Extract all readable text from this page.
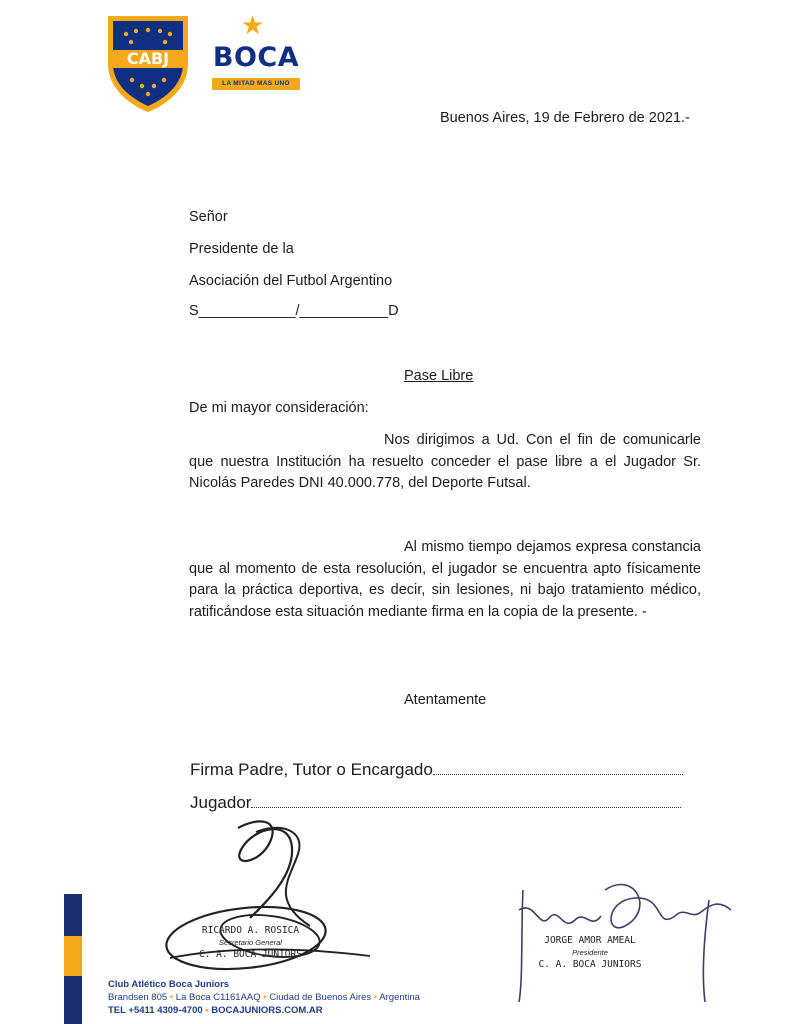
CABJ
★
BOCA
LA MITAD MAS UNO
Buenos Aires, 19 de Febrero de 2021.-
Señor
Presidente de la
Asociación del Futbol Argentino
S____________/___________D
Pase Libre
De mi mayor consideración:
Nos dirigimos a Ud. Con el fin de comunicarle que nuestra Institución ha resuelto conceder el pase libre a el Jugador Sr. Nicolás Paredes DNI 40.000.778, del Deporte Futsal.
Al mismo tiempo dejamos expresa constancia que al momento de esta resolución, el jugador se encuentra apto físicamente para la práctica deportiva, es decir, sin lesiones, ni bajo tratamiento médico, ratificándose esta situación mediante firma en la copia de la presente. -
Atentamente
Firma Padre, Tutor o Encargado
Jugador
RICARDO A. ROSICA
Secretario General
C. A. BOCA JUNIORS
JORGE AMOR AMEAL
Presidente
C. A. BOCA JUNIORS
Club Atlético Boca Juniors
Brandsen 805 • La Boca C1161AAQ • Ciudad de Buenos Aires • Argentina
TEL +5411 4309-4700 • BOCAJUNIORS.COM.AR
